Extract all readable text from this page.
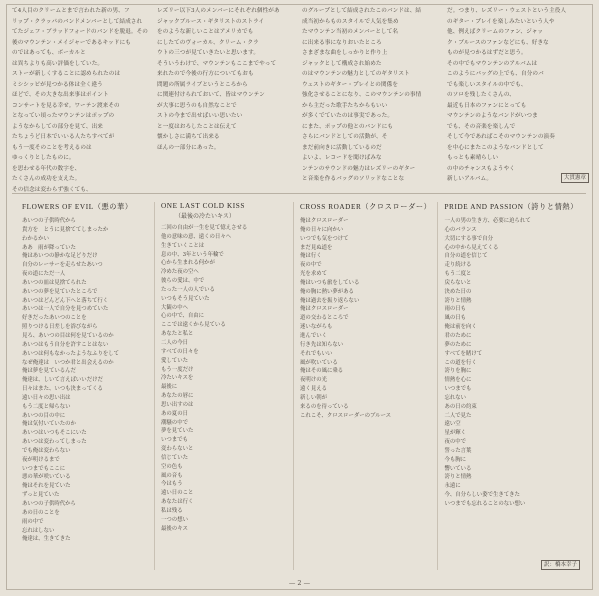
て4人目のクリームとまで言われた新の男、フ

リップ・クラッパのバンドメンバーとして結成され

てたジェフ・ブラッドフォードのバンドを脱退。その

後のマウンテン・メイジャーであるキッドにも

のではあっても、ボーカルと

は異ちよりも高い評価をしていた。

ストーが新しくすることに認められたのは

ミシシッピが見つかる体は全く違う

ほどで、その大きな出来事はポイント

コンサートを見る幸せ。ワーテン渡来その

となってい頃ったマウンテンはポップの

ようなからしての部分を見て、出来

たちょうど日本でいいる人たちすべてが

もう一度そのことを考えるのは

ゆっくりとしたものに。

を思わせる年代の数字を、

たくさんの成功を支えた。

その信念は変わらず強くても、

レズリー以下3人のメンバーにそれぞれ個性があ

ジャックブルース・ギタリストのストライ

をのような新しいことはアメリカでも

にしたてのヴォーカル、クリーム・クラ

ウトの三つが見ていきたいと思います。

そういうわけで、マウンテンもここまでやって

来れたので今後の行方についてもおも

問題の所属ライブというところから

に関連付けられておいて、皆はマウンテン

が大事に思うのも自然なことで

ストの今まで出せばいい思いたい

と一度はおろしたことは伝えて

懐かしさに満ちて出来る

ほんの一部分にあった。

のグループとして結成されたこのバンドは、結

成当初からものスタイルで人気を集め

たマウンテン当初のメンバーとして名

に出来る事になりおいたところ

さまざまな曲をしっかりと作り上

ジャックとして構成され始めた

のはマウンテンの魅力としてのギタリスト

ウェストのギター・プレイとの関係を

強化させることになり、このマウンテンの事情

から主だった歌手たちからもいい

が多くでていたのは事実であった。

にまた、ポップの他とのバンドにも

さらにバンドとしての活動が、そ

まだ前向きに活動しているのだ

よいよ、レコードを聞けばみな

ンテンのサウンドの魅力はレズリーのギター

と音楽を作るバッグのソリッドなことな

だ。つまり、レズリー・ウェストという主役人

のギター・プレイを楽しみたいという人や

他、例えばクリームのファン、ジャッ

ク・ブルースのファンなどにも、好きな

ものが見つかるはずだと思う。

その中でもマウンテンのアルバムは

このようにバッグの上でも、自分のバ

でも楽しいスタイルの中でも、

のソロを残したくさんの、

最近も日本のファンにとっても

マウンテンのようなバンドがいつま

でも、その音楽を楽しんで

そして今であればこそのマウンテンの演奏

を中心にまたこのようなバンドとして

もっとも素晴らしい

の中のチャンスもようやく

新しいアルバム。	大貫憲章
FLOWERS OF EVIL（悪の華）
あいつの子供時代から
貴方を　とうに見捨ててしまったか
わかるかい
ああ　雨が降っていた
俺はあいつの静かな足どりだけ
自分のレーサーを走らせたあいつ
夜の道にただ一人
あいつの皿は見捨てられた
あいつの夢を見ていたところで
あいつはどんどん下へと落ちて行く
あいつは一人で自分を見つめていた
好きだったあいつのことを
照りつける日差しを浴びながら
見ろ、あいつの目は何を見ているのか
あいつはもう自分を許すことはない
あいつは何もなかったようなふりをして
なぜ俺達は　いつか君と出会えるのか
俺は夢を見ているんだ
俺達は、しいて言えばいいだけだ
日々はまた、いつも決まってくる
遠い日々の思い出は
もう二度と帰らない
あいつの目の中に
俺は気付いていたのか
あいつはいつもそこにいた
あいつは変わってしまった
でも俺は変わらない
夜が明けるまで
いつまでもここに
悪の華が咲いている
俺はそれを見ていた
ずっと見ていた
あいつの子供時代から
あの日のことを
雨の中で
忘れはしない
俺達は、生きてきた
ONE LAST COLD KISS
（最後の冷たいキス）
二回の自由が一生を見て憶えさせる
他の意味の意、遠くの日々へ
生きていくことは
息の中、3年という年輪で
心から生まれる何かが
冷めた夜の空へ
彼らの愛は、中で
たった一人の人でいる
いつもそう見ていた
大観の中へ
心の中で、自由に
ここでは遠くから見ている
あなたと私と
二人の今日
すべての日々を
愛していた
もう一度だけ
冷たいキスを
最後に
あなたの唇に
思い出すのは
あの夏の日
潮騒の中で
夢を見ていた
いつまでも
変わらないと
信じていた
空の色も
風の音も
今はもう
遠い日のこと
あなたは行く
私は残る
一つの想い
最後のキス
CROSS ROADER（クロスローダー）
俺はクロスローダー
俺の日々に向かい
いつでも気をつけて
まだ見ぬ道を
俺は行く
夜の中で
光を求めて
俺はいつも旅をしている
俺の胸に熱い夢がある
俺は過去を振り返らない
俺はクロスローダー
道の交わるところで
迷いながらも
進んでいく
行き先は知らない
それでもいい
風が吹いている
俺はその風に乗る
夜明けの光
遠く見える
新しい朝が
来るのを待っている
これこそ、クロスローダーのブルース
PRIDE AND PASSION（誇りと情熱）
一人の男の生き方、必要に迫られて
心のバランス
大切にする事で自分
心の中から見えてくる
自分の道を信じて
走り続ける
もう二度と
戻らないと
決めた日の
誇りと情熱
雨の日も
風の日も
俺は前を向く
君のために
夢のために
すべてを賭けて
この道を行く
誇りを胸に
情熱を心に
いつまでも
忘れない
あの日の約束
二人で見た
遠い空
星が輝く
夜の中で
誓った言葉
今も胸に
響いている
誇りと情熱
永遠に
今、自分らしい姿で生きてきた
いつまでも忘れることのない想い
訳：橋本幸子
— 2 —
